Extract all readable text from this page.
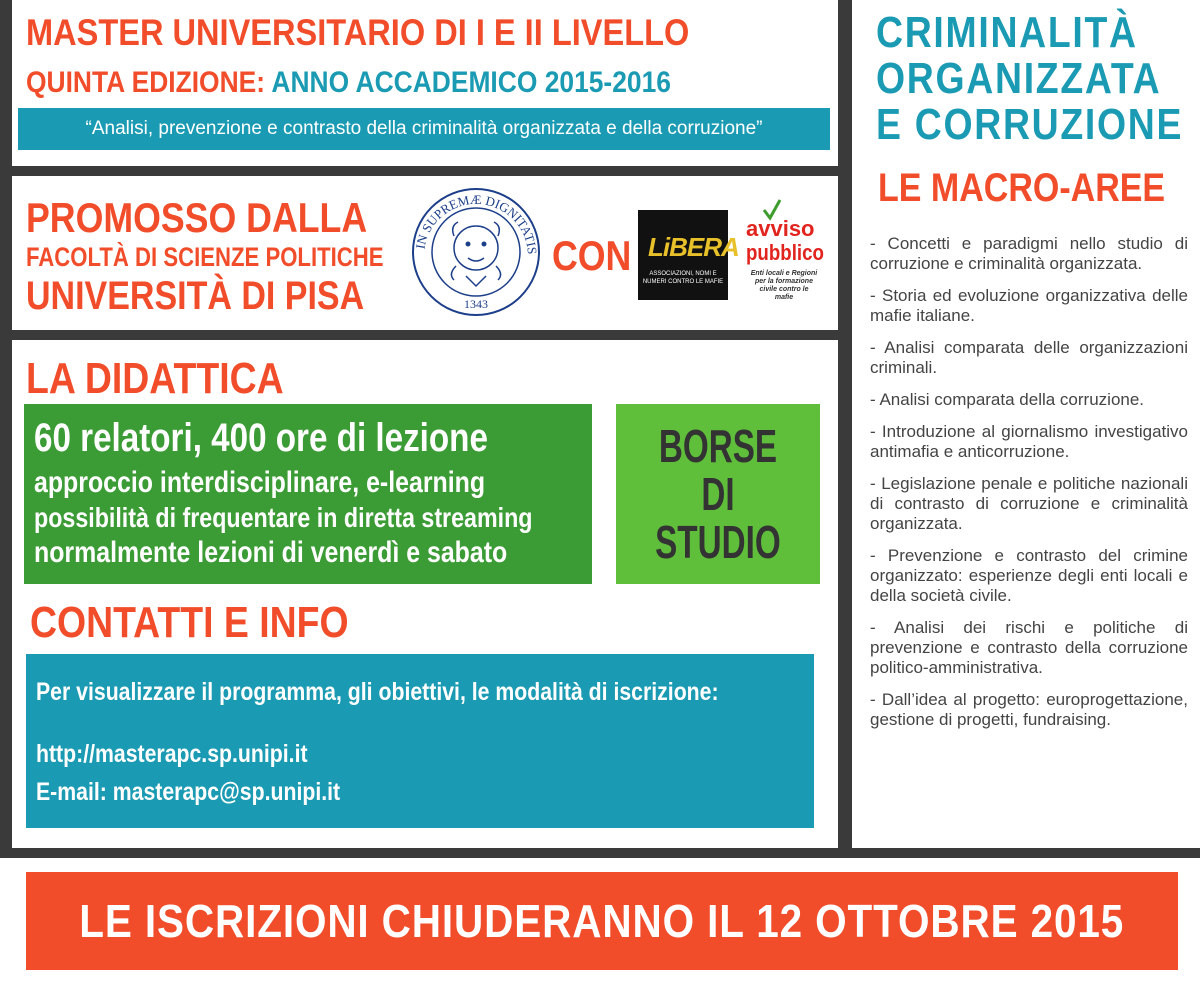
MASTER UNIVERSITARIO DI I E II LIVELLO
QUINTA EDIZIONE: ANNO ACCADEMICO 2015-2016
“Analisi, prevenzione e contrasto della criminalità organizzata e della corruzione”
PROMOSSO DALLA
FACOLTÀ DI SCIENZE POLITICHE
UNIVERSITÀ DI PISA
IN SUPREMÆ DIGNITATIS
1343
CON LiBERA
ASSOCIAZIONI, NOMI E NUMERI CONTRO LE MAFIE
avviso
pubblico
Enti locali e Regioni per la formazione civile contro le mafie
LA DIDATTICA
60 relatori, 400 ore di lezione
approccio interdisciplinare, e-learning
possibilità di frequentare in diretta streaming
normalmente lezioni di venerdì e sabato
BORSE DI
STUDIO
CONTATTI E INFO
Per visualizzare il programma, gli obiettivi, le modalità di iscrizione:
http://masterapc.sp.unipi.it
E-mail: masterapc@sp.unipi.it
CRIMINALITÀ
ORGANIZZATA
E CORRUZIONE
LE MACRO-AREE

- Concetti e paradigmi nello studio di corruzione e criminalità organizzata.

- Storia ed evoluzione organizzativa delle mafie italiane.

- Analisi comparata delle organizzazioni criminali.

- Analisi comparata della corruzione.

- Introduzione al giornalismo investigativo antimafia e anticorruzione.

- Legislazione penale e politiche nazionali di contrasto di corruzione e criminalità organizzata.

- Prevenzione e contrasto del crimine organizzato: esperienze degli enti locali e della società civile.

- Analisi dei rischi e politiche di prevenzione e contrasto della corruzione politico-amministrativa.

- Dall’idea al progetto: europrogettazione, gestione di progetti, fundraising.

LE ISCRIZIONI CHIUDERANNO IL 12 OTTOBRE 2015
